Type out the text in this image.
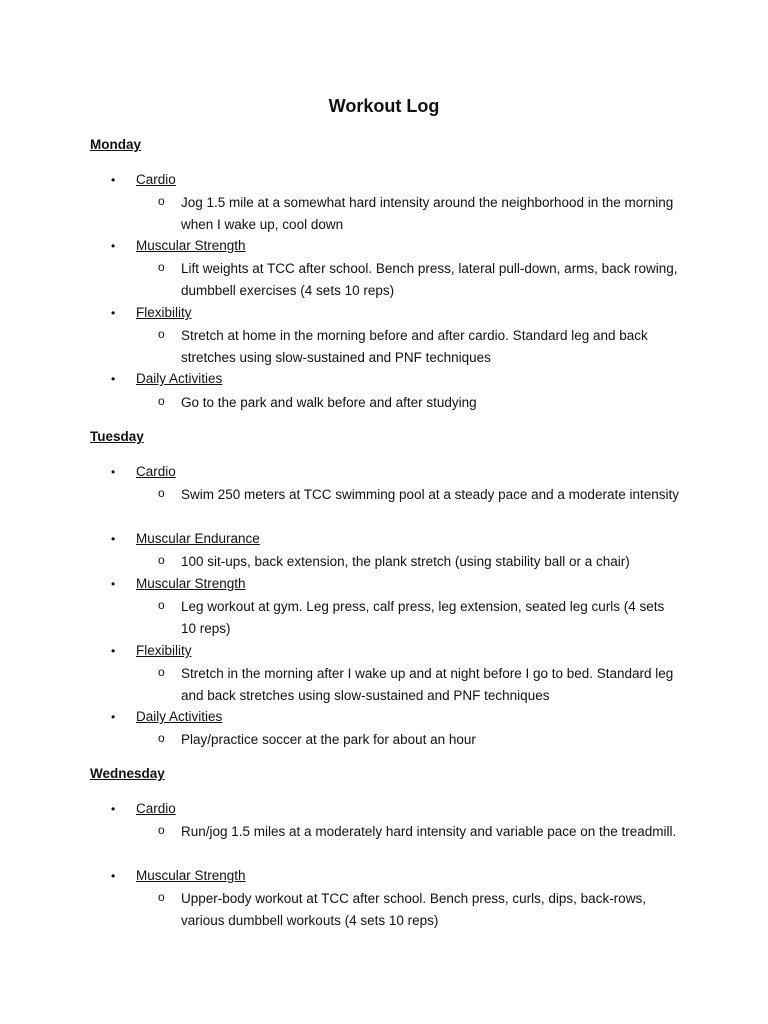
Workout Log
Monday
• Cardio
o Jog 1.5 mile at a somewhat hard intensity around the neighborhood in the morning when I wake up, cool down
• Muscular Strength
o Lift weights at TCC after school. Bench press, lateral pull-down, arms, back rowing, dumbbell exercises (4 sets 10 reps)
• Flexibility
o Stretch at home in the morning before and after cardio. Standard leg and back stretches using slow-sustained and PNF techniques
• Daily Activities
o Go to the park and walk before and after studying
Tuesday
• Cardio
o Swim 250 meters at TCC swimming pool at a steady pace and a moderate intensity
• Muscular Endurance
o 100 sit-ups, back extension, the plank stretch (using stability ball or a chair)
• Muscular Strength
o Leg workout at gym. Leg press, calf press, leg extension, seated leg curls (4 sets 10 reps)
• Flexibility
o Stretch in the morning after I wake up and at night before I go to bed. Standard leg and back stretches using slow-sustained and PNF techniques
• Daily Activities
o Play/practice soccer at the park for about an hour
Wednesday
• Cardio
o Run/jog 1.5 miles at a moderately hard intensity and variable pace on the treadmill.
• Muscular Strength
o Upper-body workout at TCC after school. Bench press, curls, dips, back-rows, various dumbbell workouts (4 sets 10 reps)
